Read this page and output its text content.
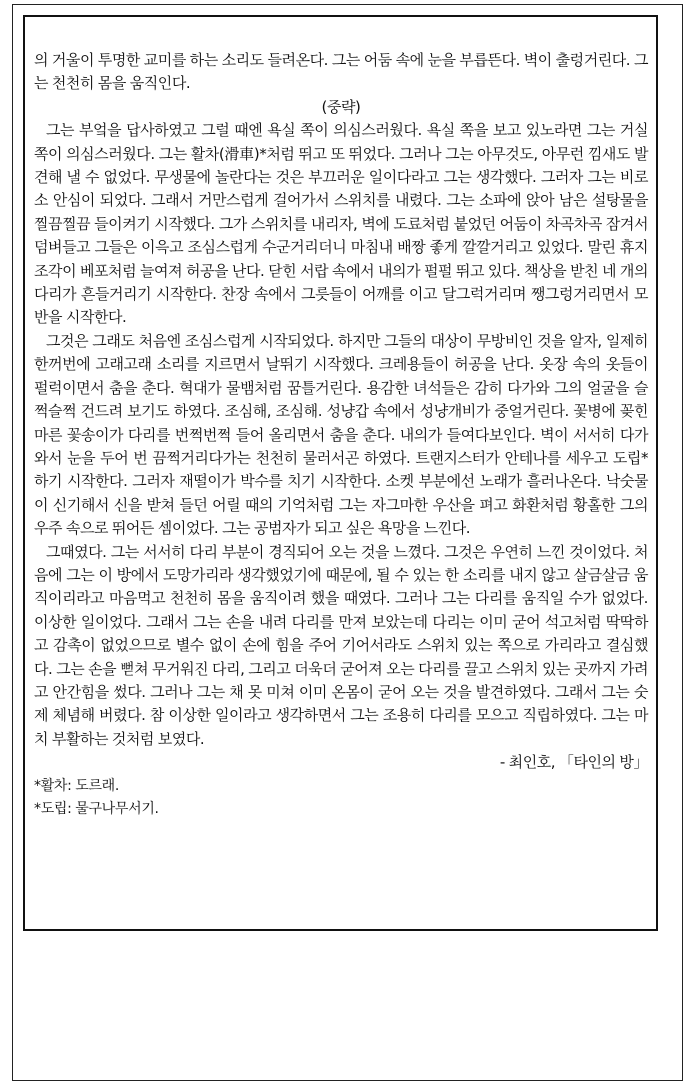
의 거울이 투명한 교미를 하는 소리도 들려온다. 그는 어둠 속에 눈을 부릅뜬다. 벽이 출렁거린다. 그는 천천히 몸을 움직인다.

(중략)

그는 부엌을 답사하였고 그럴 때엔 욕실 쪽이 의심스러웠다. 욕실 쪽을 보고 있노라면 그는 거실 쪽이 의심스러웠다. 그는 활차(滑車)*처럼 뛰고 또 뛰었다. 그러나 그는 아무것도, 아무런 낌새도 발견해 낼 수 없었다. 무생물에 놀란다는 것은 부끄러운 일이다라고 그는 생각했다. 그러자 그는 비로소 안심이 되었다. 그래서 거만스럽게 걸어가서 스위치를 내렸다. 그는 소파에 앉아 남은 설탕물을 찔끔찔끔 들이켜기 시작했다. 그가 스위치를 내리자, 벽에 도료처럼 붙었던 어둠이 차곡차곡 잠겨서 덤벼들고 그들은 이윽고 조심스럽게 수군거리더니 마침내 배짱 좋게 깔깔거리고 있었다. 말린 휴지 조각이 베포처럼 늘여져 허공을 난다. 닫힌 서랍 속에서 내의가 펄펄 뛰고 있다. 책상을 받친 네 개의 다리가 흔들거리기 시작한다. 찬장 속에서 그릇들이 어깨를 이고 달그럭거리며 쨍그렁거리면서 모반을 시작한다.

그것은 그래도 처음엔 조심스럽게 시작되었다. 하지만 그들의 대상이 무방비인 것을 알자, 일제히 한꺼번에 고래고래 소리를 지르면서 날뛰기 시작했다. 크레용들이 허공을 난다. 옷장 속의 옷들이 펄럭이면서 춤을 춘다. 혁대가 물뱀처럼 꿈틀거린다. 용감한 녀석들은 감히 다가와 그의 얼굴을 슬쩍슬쩍 건드려 보기도 하였다. 조심해, 조심해. 성냥갑 속에서 성냥개비가 중얼거린다. 꽃병에 꽂힌 마른 꽃송이가 다리를 번쩍번쩍 들어 올리면서 춤을 춘다. 내의가 들여다보인다. 벽이 서서히 다가와서 눈을 두어 번 끔쩍거리다가는 천천히 물러서곤 하였다. 트랜지스터가 안테나를 세우고 도립*하기 시작한다. 그러자 재떨이가 박수를 치기 시작한다. 소켓 부분에선 노래가 흘러나온다. 낙숫물이 신기해서 신을 받쳐 들던 어릴 때의 기억처럼 그는 자그마한 우산을 펴고 화환처럼 황홀한 그의 우주 속으로 뛰어든 셈이었다. 그는 공범자가 되고 싶은 욕망을 느낀다.

그때였다. 그는 서서히 다리 부분이 경직되어 오는 것을 느꼈다. 그것은 우연히 느낀 것이었다. 처음에 그는 이 방에서 도망가리라 생각했었기에 때문에, 될 수 있는 한 소리를 내지 않고 살금살금 움직이리라고 마음먹고 천천히 몸을 움직이려 했을 때였다. 그러나 그는 다리를 움직일 수가 없었다. 이상한 일이었다. 그래서 그는 손을 내려 다리를 만져 보았는데 다리는 이미 굳어 석고처럼 딱딱하고 감촉이 없었으므로 별수 없이 손에 힘을 주어 기어서라도 스위치 있는 쪽으로 가리라고 결심했다. 그는 손을 뻗쳐 무거워진 다리, 그리고 더욱더 굳어져 오는 다리를 끌고 스위치 있는 곳까지 가려고 안간힘을 썼다. 그러나 그는 채 못 미쳐 이미 온몸이 굳어 오는 것을 발견하였다. 그래서 그는 숫제 체념해 버렸다. 참 이상한 일이라고 생각하면서 그는 조용히 다리를 모으고 직립하였다. 그는 마치 부활하는 것처럼 보였다.

- 최인호, 「타인의 방」

*활차: 도르래.

*도립: 물구나무서기.
